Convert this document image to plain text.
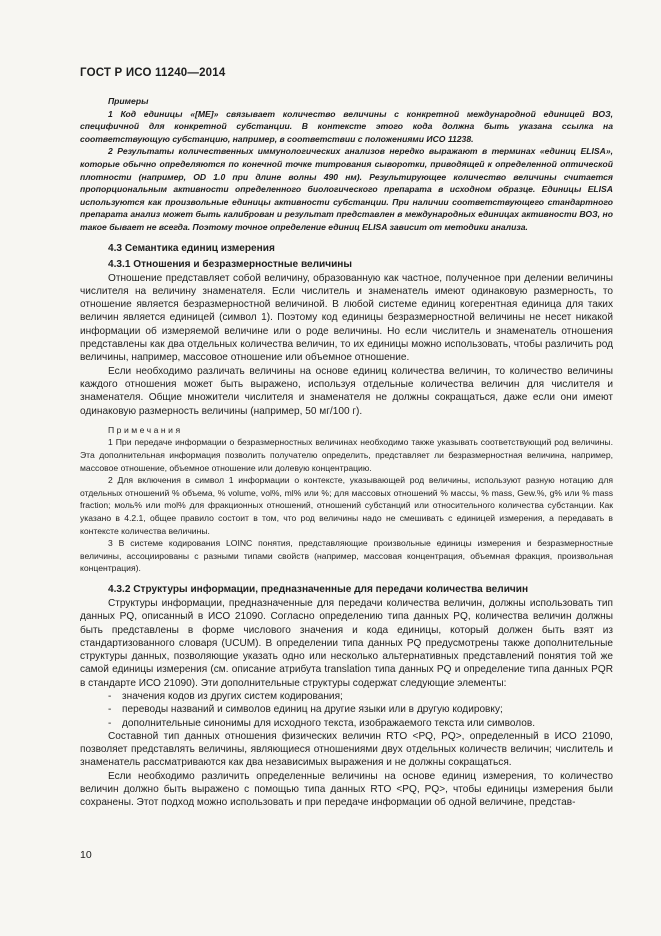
ГОСТ Р ИСО 11240—2014

Примеры

1 Код единицы «[ME]» связывает количество величины с конкретной международной единицей ВОЗ, специфичной для конкретной субстанции. В контексте этого кода должна быть указана ссылка на соответствующую субстанцию, например, в соответствии с положениями ИСО 11238.

2 Результаты количественных иммунологических анализов нередко выражают в терминах «единиц ELISA», которые обычно определяются по конечной точке титрования сыворотки, приводящей к определенной оптической плотности (например, OD 1.0 при длине волны 490 нм). Результирующее количество величины считается пропорциональным активности определенного биологического препарата в исходном образце. Единицы ELISA используются как произвольные единицы активности субстанции. При наличии соответствующего стандартного препарата анализ может быть калиброван и результат представлен в международных единицах активности ВОЗ, но такое бывает не всегда. Поэтому точное определение единиц ELISA зависит от методики анализа.

4.3 Семантика единиц измерения

4.3.1 Отношения и безразмерностные величины

Отношение представляет собой величину, образованную как частное, полученное при делении величины числителя на величину знаменателя. Если числитель и знаменатель имеют одинаковую размерность, то отношение является безразмерностной величиной. В любой системе единиц когерентная единица для таких величин является единицей (символ 1). Поэтому код единицы безразмерностной величины не несет никакой информации об измеряемой величине или о роде величины. Но если числитель и знаменатель отношения представлены как два отдельных количества величин, то их единицы можно использовать, чтобы различить род величины, например, массовое отношение или объемное отношение.

Если необходимо различать величины на основе единиц количества величин, то количество величины каждого отношения может быть выражено, используя отдельные количества величин для числителя и знаменателя. Общие множители числителя и знаменателя не должны сокращаться, даже если они имеют одинаковую размерность величины (например, 50 мг/100 г).

Примечания

1 При передаче информации о безразмерностных величинах необходимо также указывать соответствующий род величины. Эта дополнительная информация позволить получателю определить, представляет ли безразмерностная величина, например, массовое отношение, объемное отношение или долевую концентрацию.

2 Для включения в символ 1 информации о контексте, указывающей род величины, используют разную нотацию для отдельных отношений % объема, % volume, vol%, ml% или %; для массовых отношений % массы, % mass, Gew.%, g% или % mass fraction; моль% или mol% для фракционных отношений, отношений субстанций или относительного количества субстанции. Как указано в 4.2.1, общее правило состоит в том, что род величины надо не смешивать с единицей измерения, а передавать в контексте количества величины.

3 В системе кодирования LOINC понятия, представляющие произвольные единицы измерения и безразмерностные величины, ассоциированы с разными типами свойств (например, массовая концентрация, объемная фракция, произвольная концентрация).

4.3.2 Структуры информации, предназначенные для передачи количества величин

Структуры информации, предназначенные для передачи количества величин, должны использовать тип данных PQ, описанный в ИСО 21090. Согласно определению типа данных PQ, количества величин должны быть представлены в форме числового значения и кода единицы, который должен быть взят из стандартизованного словаря (UCUM). В определении типа данных PQ предусмотрены также дополнительные структуры данных, позволяющие указать одно или несколько альтернативных представлений понятия той же самой единицы измерения (см. описание атрибута translation типа данных PQ и определение типа данных PQR в стандарте ИСО 21090). Эти дополнительные структуры содержат следующие элементы:

- значения кодов из других систем кодирования;
- переводы названий и символов единиц на другие языки или в другую кодировку;
- дополнительные синонимы для исходного текста, изображаемого текста или символов.

Составной тип данных отношения физических величин RTO <PQ, PQ>, определенный в ИСО 21090, позволяет представлять величины, являющиеся отношениями двух отдельных количеств величин; числитель и знаменатель рассматриваются как два независимых выражения и не должны сокращаться.

Если необходимо различить определенные величины на основе единиц измерения, то количество величин должно быть выражено с помощью типа данных RTO <PQ, PQ>, чтобы единицы измерения были сохранены. Этот подход можно использовать и при передаче информации об одной величине, представ-

10
